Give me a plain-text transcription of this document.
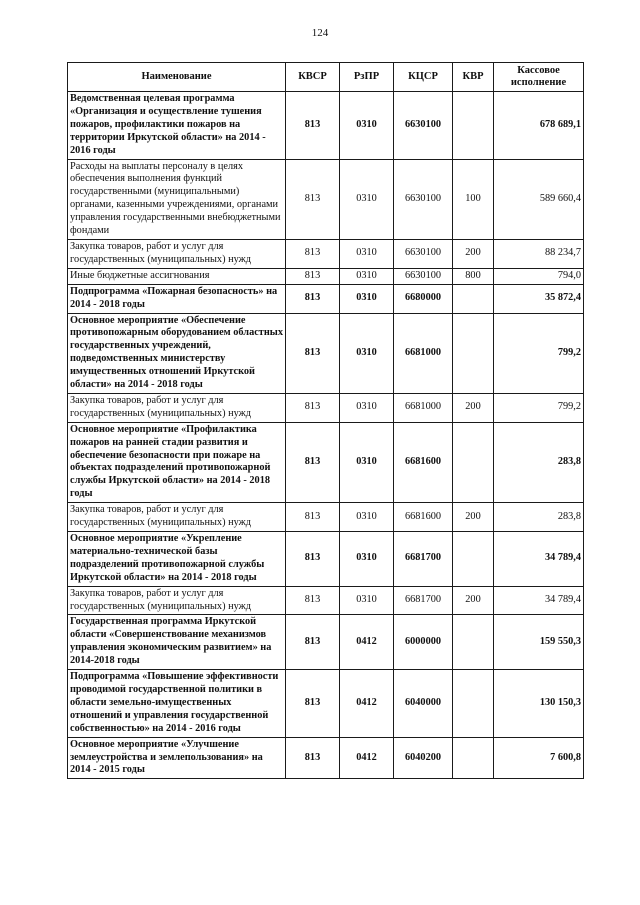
124
Наименование	КВСР	РзПР	КЦСР	КВР	Кассовое исполнение
Ведомственная целевая программа «Организация и осуществление тушения пожаров, профилактики пожаров на территории Иркутской области» на 2014 - 2016 годы	813	0310	6630100		678 689,1
Расходы на выплаты персоналу в целях обеспечения выполнения функций государственными (муниципальными) органами, казенными учреждениями, органами управления государственными внебюджетными фондами	813	0310	6630100	100	589 660,4
Закупка товаров, работ и услуг для государственных (муниципальных) нужд	813	0310	6630100	200	88 234,7
Иные бюджетные ассигнования	813	0310	6630100	800	794,0
Подпрограмма «Пожарная безопасность» на 2014 - 2018 годы	813	0310	6680000		35 872,4
Основное мероприятие «Обеспечение противопожарным оборудованием областных государственных учреждений, подведомственных министерству имущественных отношений Иркутской области» на 2014 - 2018 годы	813	0310	6681000		799,2
Закупка товаров, работ и услуг для государственных (муниципальных) нужд	813	0310	6681000	200	799,2
Основное мероприятие «Профилактика пожаров на ранней стадии развития и обеспечение безопасности при пожаре на объектах подразделений противопожарной службы Иркутской области» на 2014 - 2018 годы	813	0310	6681600		283,8
Закупка товаров, работ и услуг для государственных (муниципальных) нужд	813	0310	6681600	200	283,8
Основное мероприятие «Укрепление материально-технической базы подразделений противопожарной службы Иркутской области» на 2014 - 2018 годы	813	0310	6681700		34 789,4
Закупка товаров, работ и услуг для государственных (муниципальных) нужд	813	0310	6681700	200	34 789,4
Государственная программа Иркутской области «Совершенствование механизмов управления экономическим развитием» на 2014-2018 годы	813	0412	6000000		159 550,3
Подпрограмма «Повышение эффективности проводимой государственной политики в области земельно-имущественных отношений и управления государственной собственностью» на 2014 - 2016 годы	813	0412	6040000		130 150,3
Основное мероприятие «Улучшение землеустройства и землепользования» на 2014 - 2015 годы	813	0412	6040200		7 600,8
